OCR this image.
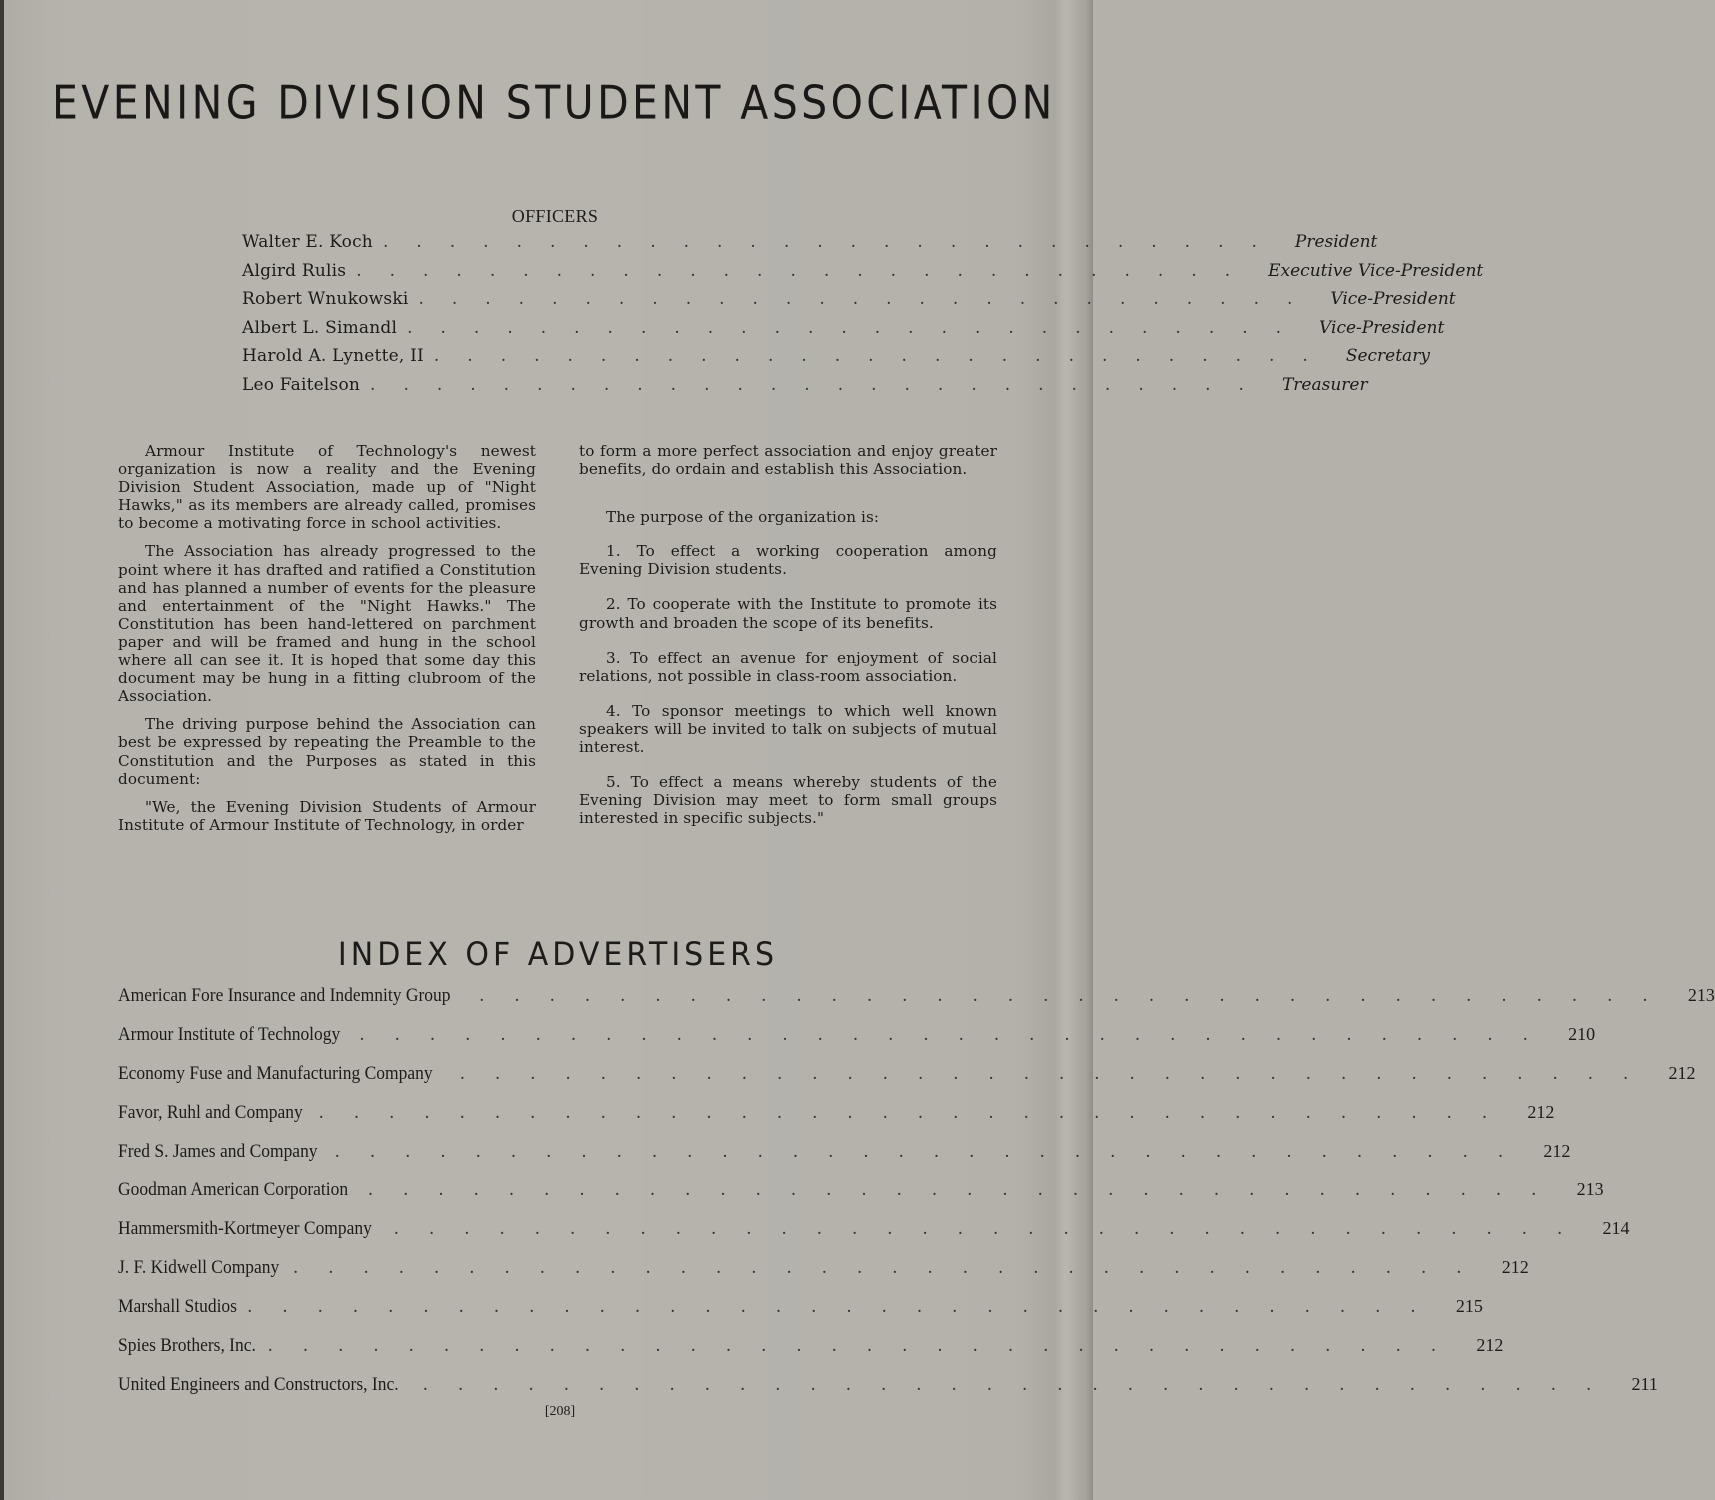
EVENING DIVISION STUDENT ASSOCIATION
OFFICERS
Walter E. Koch ........................... President
Algird Rulis ........................... Executive Vice-President
Robert Wnukowski ........................... Vice-President
Albert L. Simandl ........................... Vice-President
Harold A. Lynette, II ........................... Secretary
Leo Faitelson ........................... Treasurer

Armour Institute of Technology's newest organization is now a reality and the Evening Division Student Association, made up of "Night Hawks," as its members are already called, promises to become a motivating force in school activities.

The Association has already progressed to the point where it has drafted and ratified a Constitution and has planned a number of events for the pleasure and entertainment of the "Night Hawks." The Constitution has been hand-lettered on parchment paper and will be framed and hung in the school where all can see it. It is hoped that some day this document may be hung in a fitting clubroom of the Association.

The driving purpose behind the Association can best be expressed by repeating the Preamble to the Constitution and the Purposes as stated in this document:

"We, the Evening Division Students of Armour Institute of Armour Institute of Technology, in order

to form a more perfect association and enjoy greater benefits, do ordain and establish this Association.

The purpose of the organization is:

1. To effect a working cooperation among Evening Division students.

2. To cooperate with the Institute to promote its growth and broaden the scope of its benefits.

3. To effect an avenue for enjoyment of social relations, not possible in class-room association.

4. To sponsor meetings to which well known speakers will be invited to talk on subjects of mutual interest.

5. To effect a means whereby students of the Evening Division may meet to form small groups interested in specific subjects."

INDEX OF ADVERTISERS
American Fore Insurance and Indemnity Group .................................. 213
Armour Institute of Technology .................................. 210
Economy Fuse and Manufacturing Company .................................. 212
Favor, Ruhl and Company .................................. 212
Fred S. James and Company .................................. 212
Goodman American Corporation .................................. 213
Hammersmith-Kortmeyer Company .................................. 214
J. F. Kidwell Company .................................. 212
Marshall Studios .................................. 215
Spies Brothers, Inc. .................................. 212
United Engineers and Constructors, Inc. .................................. 211
[208]
